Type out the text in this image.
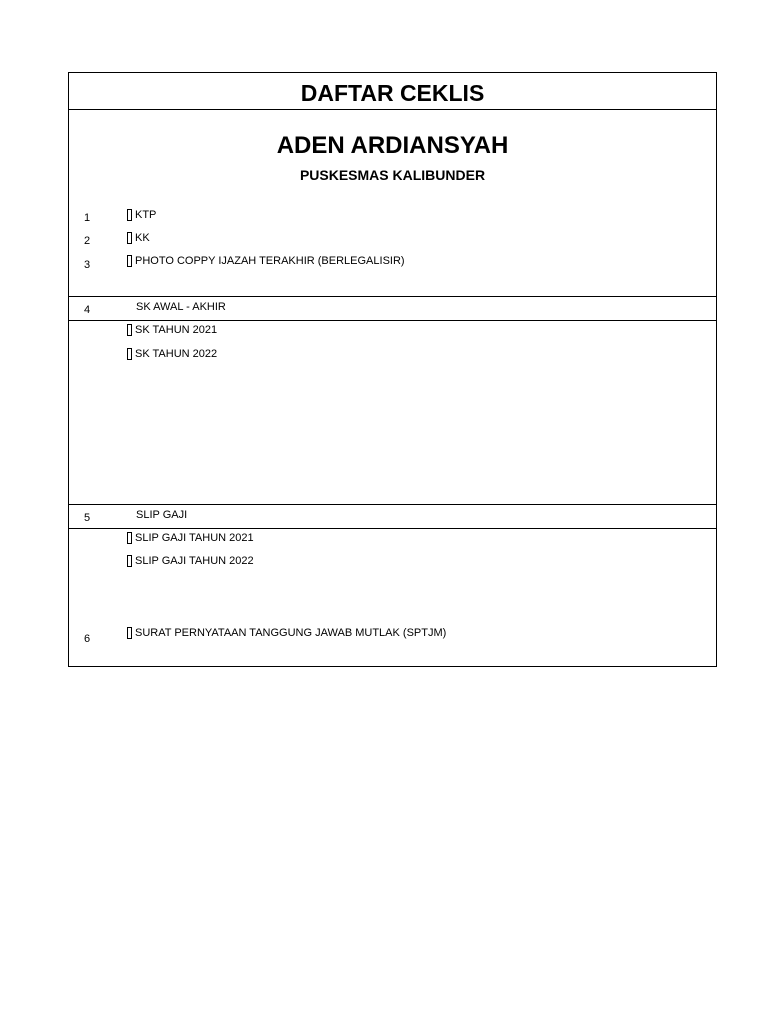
DAFTAR CEKLIS
ADEN ARDIANSYAH
PUSKESMAS KALIBUNDER
1	KTP
2	KK
3	PHOTO COPPY IJAZAH TERAKHIR (BERLEGALISIR)
4	SK AWAL - AKHIR
SK TAHUN 2021
SK TAHUN 2022
5	SLIP GAJI
SLIP GAJI TAHUN 2021
SLIP GAJI TAHUN 2022
6	SURAT PERNYATAAN TANGGUNG JAWAB MUTLAK (SPTJM)
